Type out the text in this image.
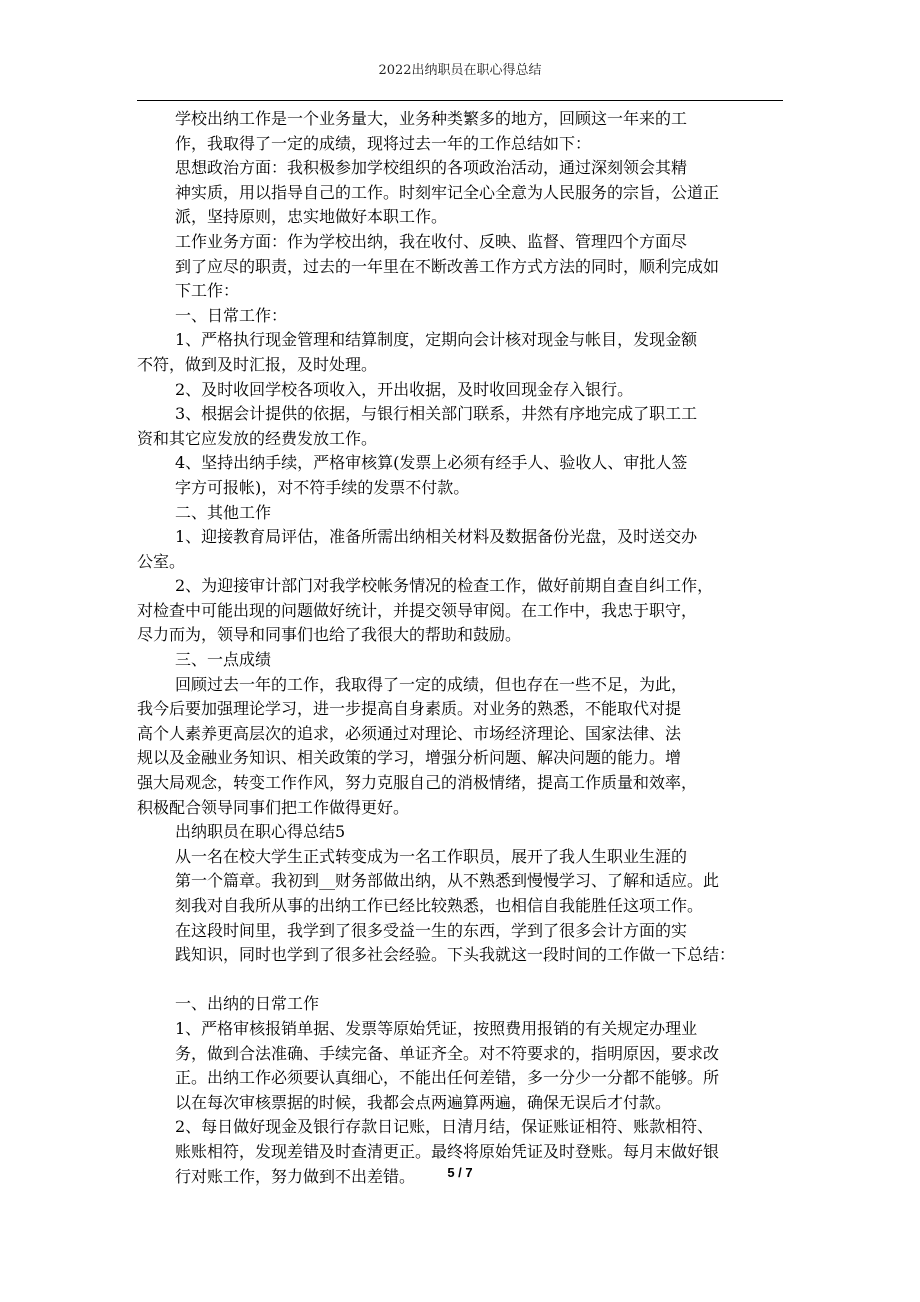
2022出纳职员在职心得总结
学校出纳工作是一个业务量大，业务种类繁多的地方，回顾这一年来的工
作，我取得了一定的成绩，现将过去一年的工作总结如下：
思想政治方面：我积极参加学校组织的各项政治活动，通过深刻领会其精
神实质，用以指导自己的工作。时刻牢记全心全意为人民服务的宗旨，公道正
派，坚持原则，忠实地做好本职工作。
工作业务方面：作为学校出纳，我在收付、反映、监督、管理四个方面尽
到了应尽的职责，过去的一年里在不断改善工作方式方法的同时，顺利完成如
下工作：
一、日常工作：
1、严格执行现金管理和结算制度，定期向会计核对现金与帐目，发现金额
不符，做到及时汇报，及时处理。
2、及时收回学校各项收入，开出收据，及时收回现金存入银行。
3、根据会计提供的依据，与银行相关部门联系，井然有序地完成了职工工
资和其它应发放的经费发放工作。
4、坚持出纳手续，严格审核算(发票上必须有经手人、验收人、审批人签
字方可报帐)，对不符手续的发票不付款。
二、其他工作
1、迎接教育局评估，准备所需出纳相关材料及数据备份光盘，及时送交办
公室。
2、为迎接审计部门对我学校帐务情况的检查工作，做好前期自查自纠工作，
对检查中可能出现的问题做好统计，并提交领导审阅。在工作中，我忠于职守，
尽力而为，领导和同事们也给了我很大的帮助和鼓励。
三、一点成绩
回顾过去一年的工作，我取得了一定的成绩，但也存在一些不足，为此，
我今后要加强理论学习，进一步提高自身素质。对业务的熟悉，不能取代对提
高个人素养更高层次的追求，必须通过对理论、市场经济理论、国家法律、法
规以及金融业务知识、相关政策的学习，增强分析问题、解决问题的能力。增
强大局观念，转变工作作风，努力克服自己的消极情绪，提高工作质量和效率，
积极配合领导同事们把工作做得更好。
出纳职员在职心得总结5
从一名在校大学生正式转变成为一名工作职员，展开了我人生职业生涯的
第一个篇章。我初到__财务部做出纳，从不熟悉到慢慢学习、了解和适应。此
刻我对自我所从事的出纳工作已经比较熟悉，也相信自我能胜任这项工作。
在这段时间里，我学到了很多受益一生的东西，学到了很多会计方面的实
践知识，同时也学到了很多社会经验。下头我就这一段时间的工作做一下总结：
一、出纳的日常工作
1、严格审核报销单据、发票等原始凭证，按照费用报销的有关规定办理业
务，做到合法准确、手续完备、单证齐全。对不符要求的，指明原因，要求改
正。出纳工作必须要认真细心，不能出任何差错，多一分少一分都不能够。所
以在每次审核票据的时候，我都会点两遍算两遍，确保无误后才付款。
2、每日做好现金及银行存款日记账，日清月结，保证账证相符、账款相符、
账账相符，发现差错及时查清更正。最终将原始凭证及时登账。每月末做好银
行对账工作，努力做到不出差错。	5 / 7
